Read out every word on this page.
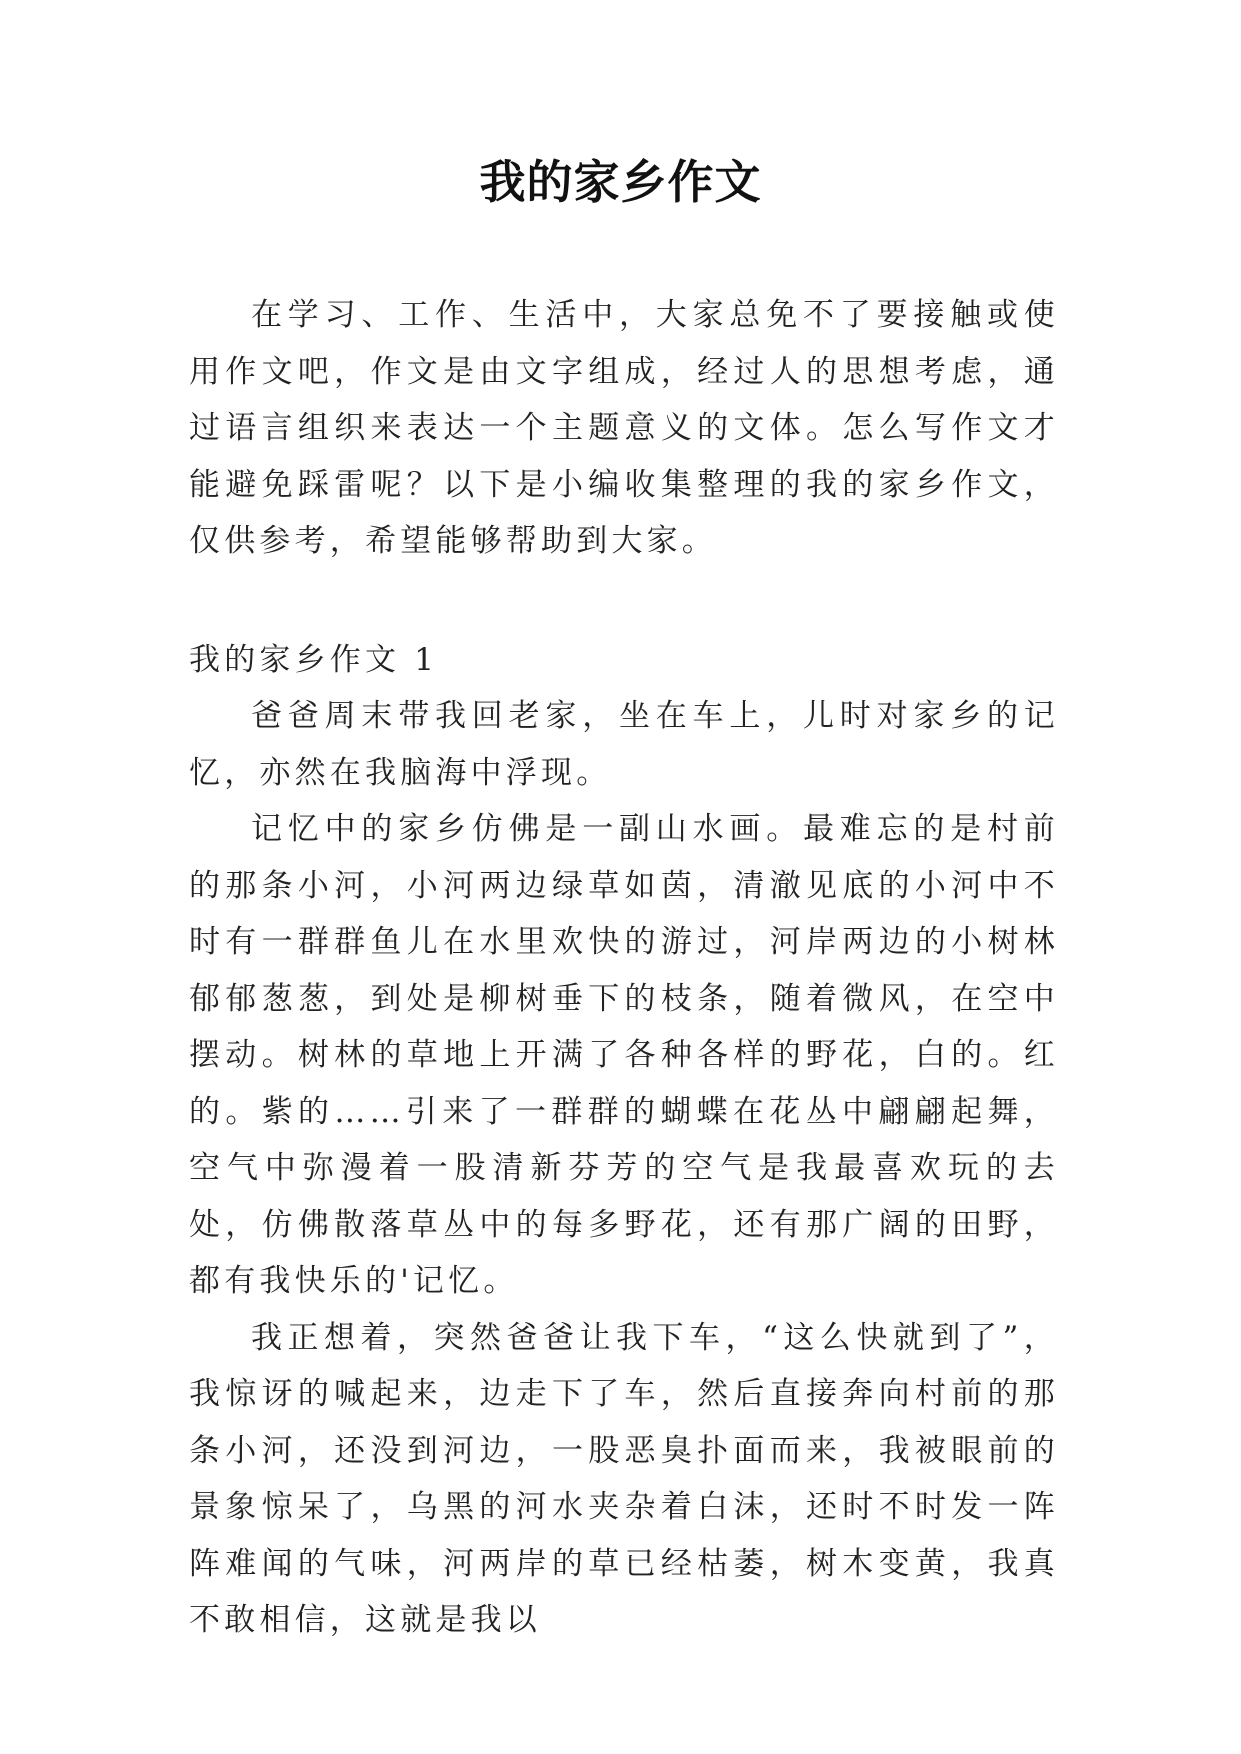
我的家乡作文

在学习、工作、生活中，大家总免不了要接触或使用作文吧，作文是由文字组成，经过人的思想考虑，通过语言组织来表达一个主题意义的文体。怎么写作文才能避免踩雷呢？以下是小编收集整理的我的家乡作文，仅供参考，希望能够帮助到大家。

我的家乡作文 1

爸爸周末带我回老家，坐在车上，儿时对家乡的记忆，亦然在我脑海中浮现。

记忆中的家乡仿佛是一副山水画。最难忘的是村前的那条小河，小河两边绿草如茵，清澈见底的小河中不时有一群群鱼儿在水里欢快的游过，河岸两边的小树林郁郁葱葱，到处是柳树垂下的枝条，随着微风，在空中摆动。树林的草地上开满了各种各样的野花，白的。红的。紫的……引来了一群群的蝴蝶在花丛中翩翩起舞，空气中弥漫着一股清新芬芳的空气是我最喜欢玩的去处，仿佛散落草丛中的每多野花，还有那广阔的田野，都有我快乐的'记忆。

我正想着，突然爸爸让我下车，“这么快就到了”，我惊讶的喊起来，边走下了车，然后直接奔向村前的那条小河，还没到河边，一股恶臭扑面而来，我被眼前的景象惊呆了，乌黑的河水夹杂着白沫，还时不时发一阵阵难闻的气味，河两岸的草已经枯萎，树木变黄，我真不敢相信，这就是我以
